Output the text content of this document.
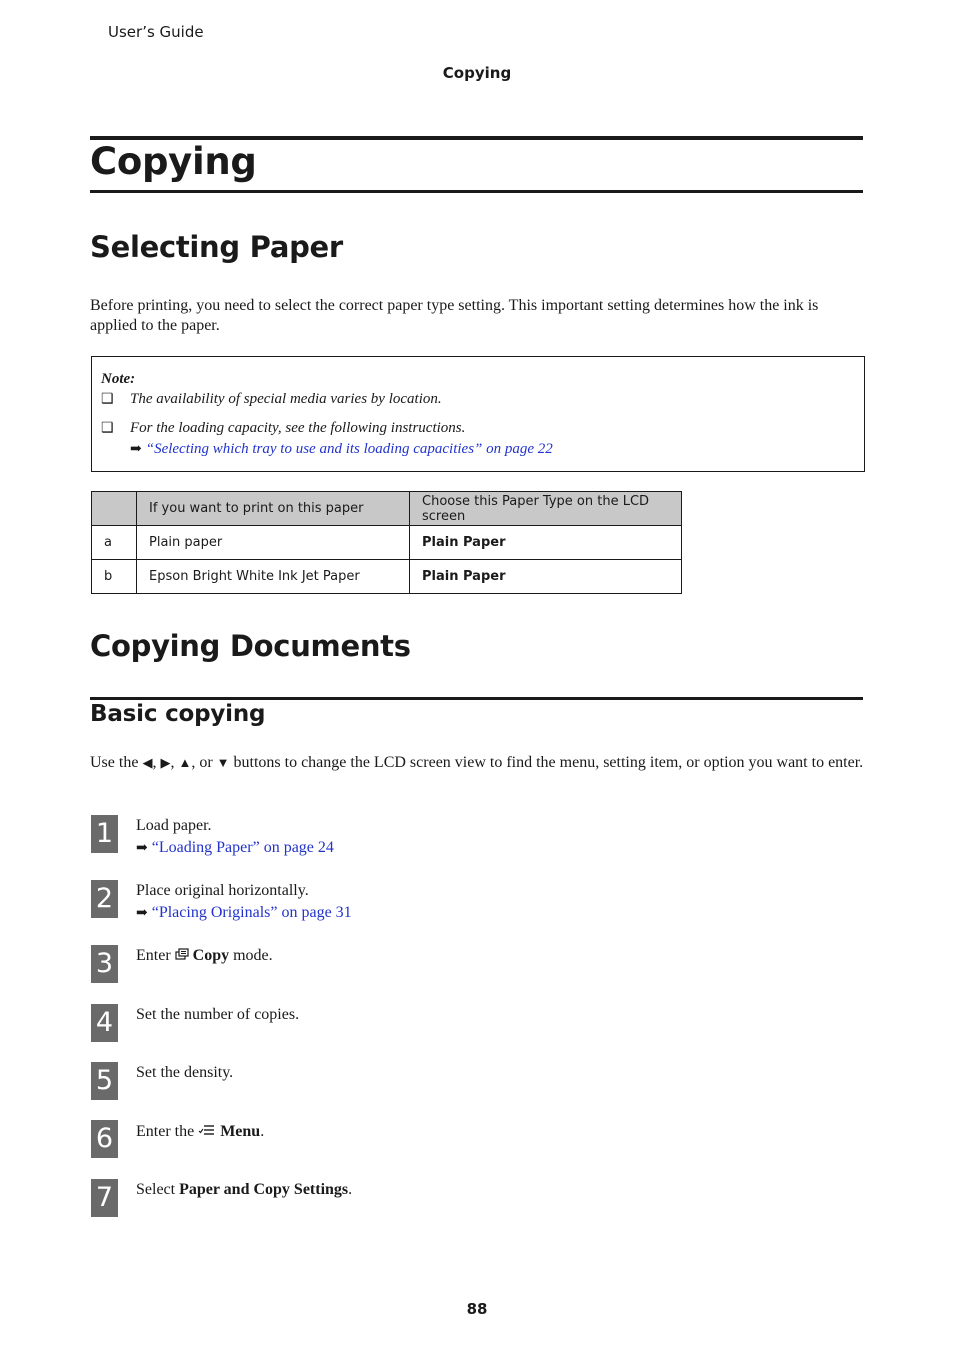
User’s Guide
Copying
Copying
Selecting Paper
Before printing, you need to select the correct paper type setting. This important setting determines how the ink is applied to the paper.
Note:
❑ The availability of special media varies by location.
❑ For the loading capacity, see the following instructions.
➡ “Selecting which tray to use and its loading capacities” on page 22
	If you want to print on this paper	Choose this Paper Type on the LCD screen
a	Plain paper	Plain Paper
b	Epson Bright White Ink Jet Paper	Plain Paper
Copying Documents
Basic copying
Use the ◀, ▶, ▲, or ▼ buttons to change the LCD screen view to find the menu, setting item, or option you want to enter.
1	Load paper.
➡ “Loading Paper” on page 24
2	Place original horizontally.
➡ “Placing Originals” on page 31
3	Enter Copy mode.
4	Set the number of copies.
5	Set the density.
6	Enter the Menu.
7	Select Paper and Copy Settings.
88
